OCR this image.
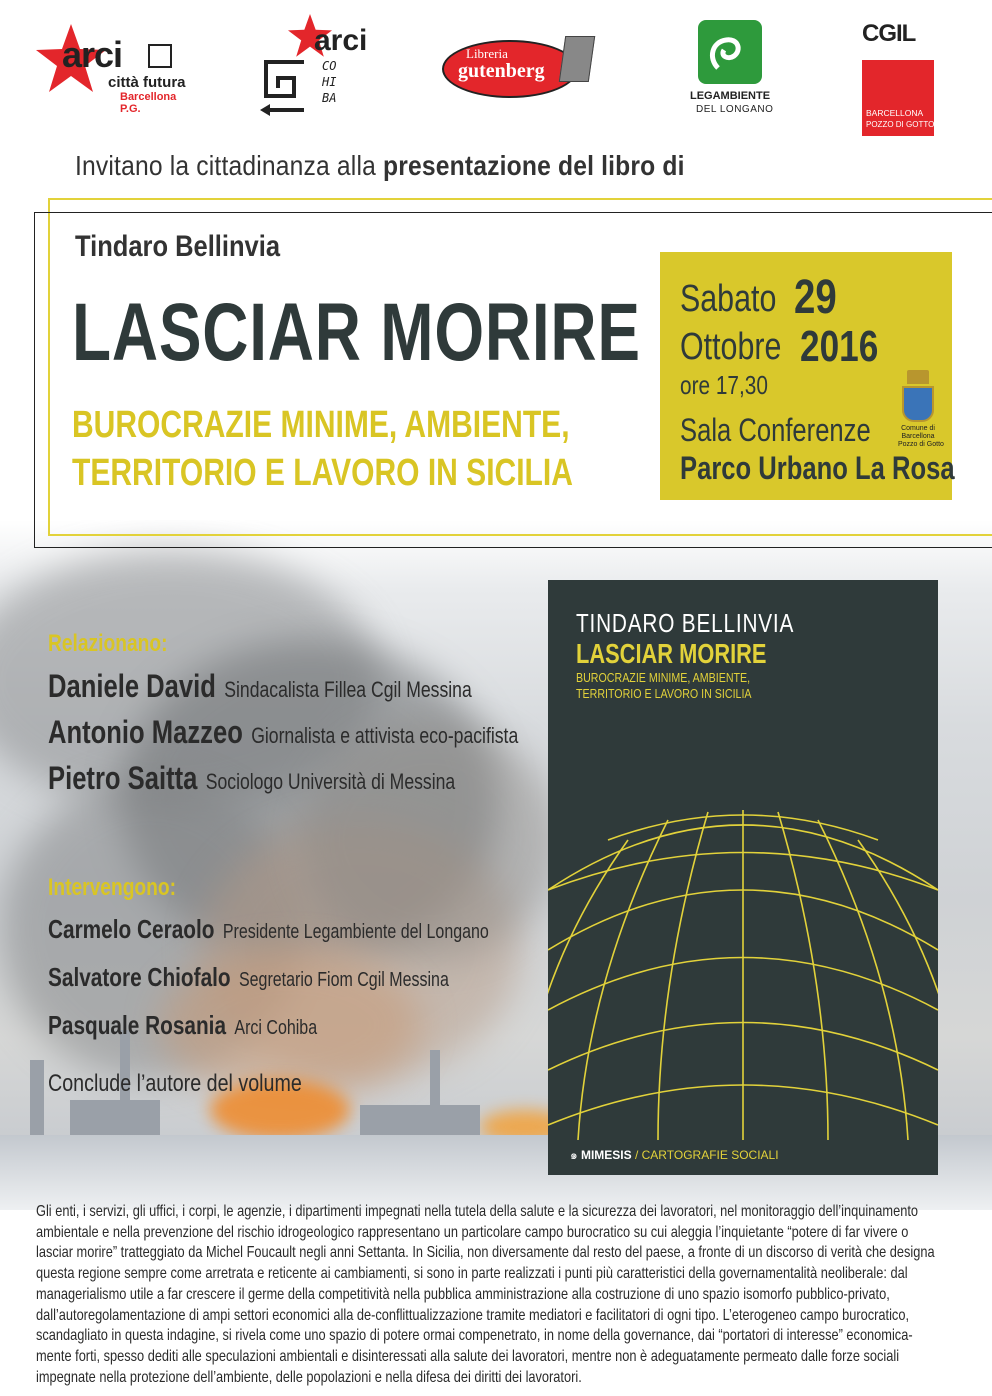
arci
città futura
Barcellona P.G.
arci
CO
HI
BA
Libreria
gutenberg
LEGAMBIENTE
DEL LONGANO
CGIL
BARCELLONA
POZZO DI GOTTO
Invitano la cittadinanza alla presentazione del libro di
Tindaro Bellinvia
LASCIAR MORIRE
BUROCRAZIE MINIME, AMBIENTE,
TERRITORIO E LAVORO IN SICILIA
Sabato 29
Ottobre 2016
ore 17,30
Sala Conferenze
Parco Urbano La Rosa
Comune di
Barcellona
Pozzo di Gotto
Relazionano:
Daniele David Sindacalista Fillea Cgil Messina
Antonio Mazzeo Giornalista e attivista eco-pacifista
Pietro Saitta Sociologo Università di Messina
Intervengono:
Carmelo Ceraolo Presidente Legambiente del Longano
Salvatore Chiofalo Segretario Fiom Cgil Messina
Pasquale Rosania Arci Cohiba
Conclude l’autore del volume
TINDARO BELLINVIA
LASCIAR MORIRE
BUROCRAZIE MINIME, AMBIENTE,
TERRITORIO E LAVORO IN SICILIA
๑ MIMESIS / CARTOGRAFIE SOCIALI

Gli enti, i servizi, gli uffici, i corpi, le agenzie, i dipartimenti impegnati nella tutela della salute e la sicurezza dei lavoratori, nel monitoraggio dell’inquinamento

ambientale e nella prevenzione del rischio idrogeologico rappresentano un particolare campo burocratico su cui aleggia l’inquietante “potere di far vivere o

lasciar morire” tratteggiato da Michel Foucault negli anni Settanta. In Sicilia, non diversamente dal resto del paese, a fronte di un discorso di verità che designa

questa regione sempre come arretrata e reticente ai cambiamenti, si sono in parte realizzati i punti più caratteristici della governamentalità neoliberale: dal

managerialismo utile a far crescere il germe della competitività nella pubblica amministrazione alla costruzione di uno spazio isomorfo pubblico-privato,

dall’autoregolamentazione di ampi settori economici alla de-conflittualizzazione tramite mediatori e facilitatori di ogni tipo. L’eterogeneo campo burocratico,

scandagliato in questa indagine, si rivela come uno spazio di potere ormai compenetrato, in nome della governance, dai “portatori di interesse” economica-

mente forti, spesso dediti alle speculazioni ambientali e disinteressati alla salute dei lavoratori, mentre non è adeguatamente permeato dalle forze sociali

impegnate nella protezione dell’ambiente, delle popolazioni e nella difesa dei diritti dei lavoratori.
